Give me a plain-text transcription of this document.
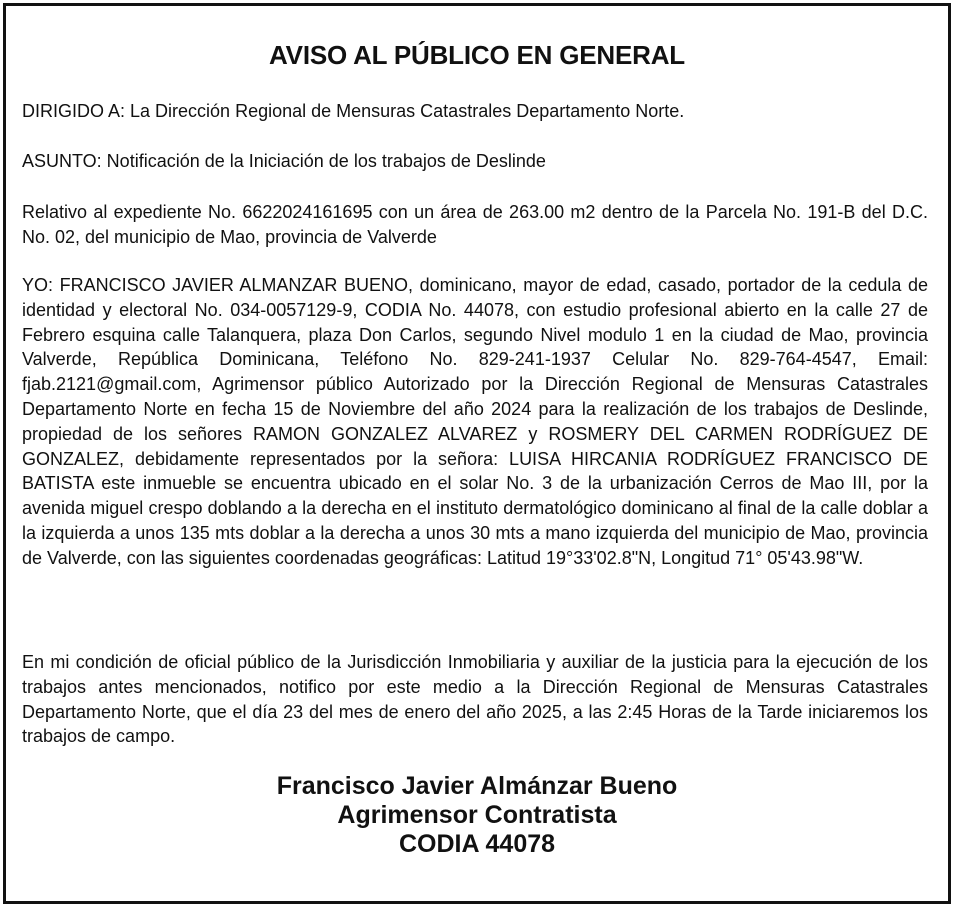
AVISO AL PÚBLICO EN GENERAL
DIRIGIDO A: La Dirección Regional de Mensuras Catastrales Departamento Norte.
ASUNTO: Notificación de la Iniciación de los trabajos de Deslinde
Relativo al expediente No. 6622024161695 con un área de 263.00 m2 dentro de la Parcela No. 191-B del D.C. No. 02, del municipio de Mao, provincia de Valverde
YO: FRANCISCO JAVIER ALMANZAR BUENO, dominicano, mayor de edad, casado, portador de la cedula de identidad y electoral No. 034-0057129-9, CODIA No. 44078, con estudio profesional abierto en la calle 27 de Febrero esquina calle Talanquera, plaza Don Carlos, segundo Nivel modulo 1 en la ciudad de Mao, provincia Valverde, República Dominicana, Teléfono No. 829-241-1937 Celular No. 829-764-4547, Email: fjab.2121@gmail.com, Agrimensor público Autorizado por la Dirección Regional de Mensuras Catastrales Departamento Norte en fecha 15 de Noviembre del año 2024 para la realización de los trabajos de Deslinde, propiedad de los señores RAMON GONZALEZ ALVAREZ y ROSMERY DEL CARMEN RODRÍGUEZ DE GONZALEZ, debidamente representados por la señora: LUISA HIRCANIA RODRÍGUEZ FRANCISCO DE BATISTA este inmueble se encuentra ubicado en el solar No. 3 de la urbanización Cerros de Mao III, por la avenida miguel crespo doblando a la derecha en el instituto dermatológico dominicano al final de la calle doblar a la izquierda a unos 135 mts doblar a la derecha a unos 30 mts a mano izquierda del municipio de Mao, provincia de Valverde, con las siguientes coordenadas geográficas: Latitud 19°33'02.8"N, Longitud 71° 05'43.98"W.
En mi condición de oficial público de la Jurisdicción Inmobiliaria y auxiliar de la justicia para la ejecución de los trabajos antes mencionados, notifico por este medio a la Dirección Regional de Mensuras Catastrales Departamento Norte, que el día 23 del mes de enero del año 2025, a las 2:45 Horas de la Tarde iniciaremos los trabajos de campo.
Francisco Javier Almánzar Bueno
Agrimensor Contratista
CODIA 44078
